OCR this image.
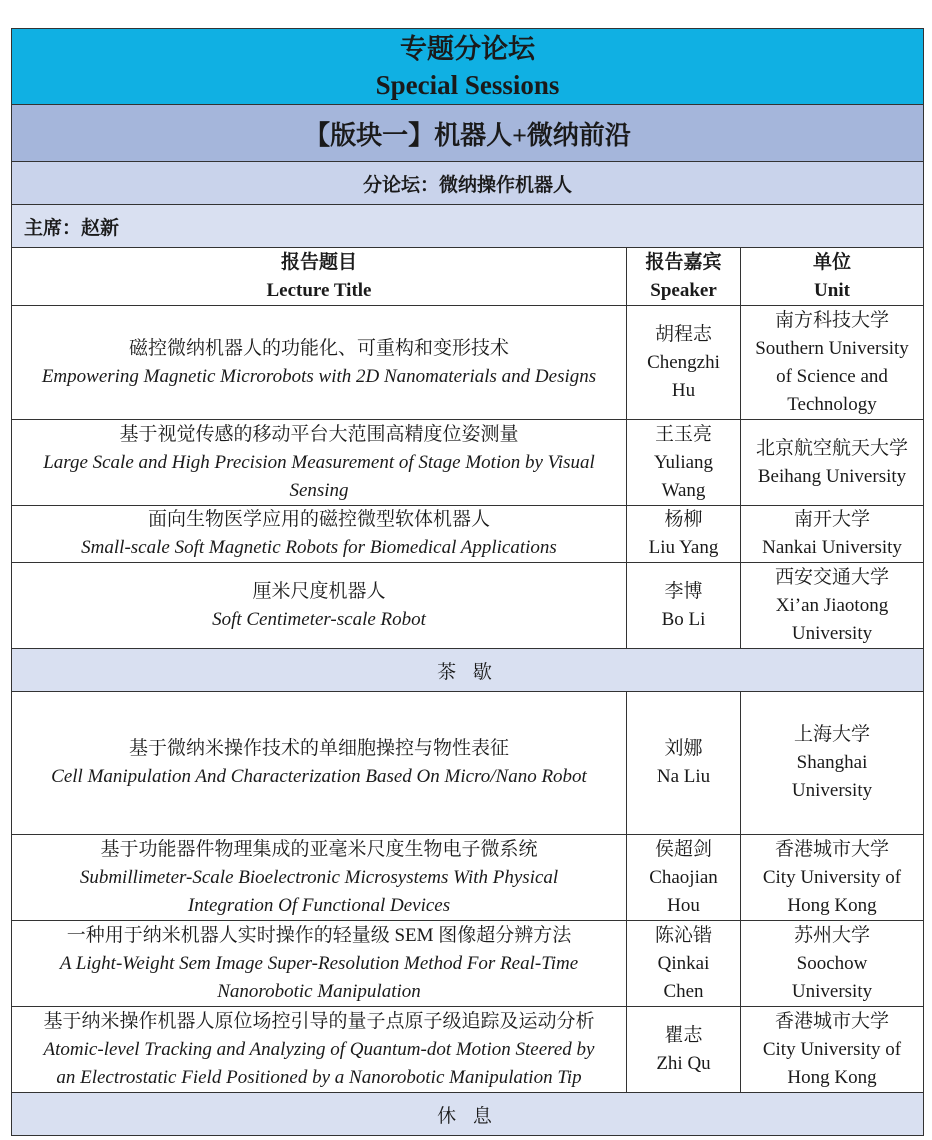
专题分论坛
Special Sessions		

【版块一】机器人+微纳前沿		
分论坛：微纳操作机器人		
主席：赵新		

报告题目
Lecture Title	报告嘉宾
Speaker	单位
Unit

磁控微纳机器人的功能化、可重构和变形技术
Empowering Magnetic Microrobots with 2D Nanomaterials and Designs	胡程志
Chengzhi
Hu	南方科技大学
Southern University
of Science and
Technology

基于视觉传感的移动平台大范围高精度位姿测量
Large Scale and High Precision Measurement of Stage Motion by Visual
Sensing	王玉亮
Yuliang
Wang	北京航空航天大学
Beihang University

面向生物医学应用的磁控微型软体机器人
Small-scale Soft Magnetic Robots for Biomedical Applications	杨柳
Liu Yang	南开大学
Nankai University

厘米尺度机器人
Soft Centimeter-scale Robot	李博
Bo Li	西安交通大学
Xi’an Jiaotong
University

茶 歇		

基于微纳米操作技术的单细胞操控与物性表征
Cell Manipulation And Characterization Based On Micro/Nano Robot	刘娜
Na Liu	上海大学
Shanghai
University

基于功能器件物理集成的亚毫米尺度生物电子微系统
Submillimeter-Scale Bioelectronic Microsystems With Physical
Integration Of Functional Devices	侯超剑
Chaojian
Hou	香港城市大学
City University of
Hong Kong

一种用于纳米机器人实时操作的轻量级 SEM 图像超分辨方法
A Light-Weight Sem Image Super-Resolution Method For Real-Time
Nanorobotic Manipulation	陈沁锴
Qinkai
Chen	苏州大学
Soochow
University

基于纳米操作机器人原位场控引导的量子点原子级追踪及运动分析
Atomic-level Tracking and Analyzing of Quantum-dot Motion Steered by
an Electrostatic Field Positioned by a Nanorobotic Manipulation Tip	瞿志
Zhi Qu	香港城市大学
City University of
Hong Kong

休 息		
